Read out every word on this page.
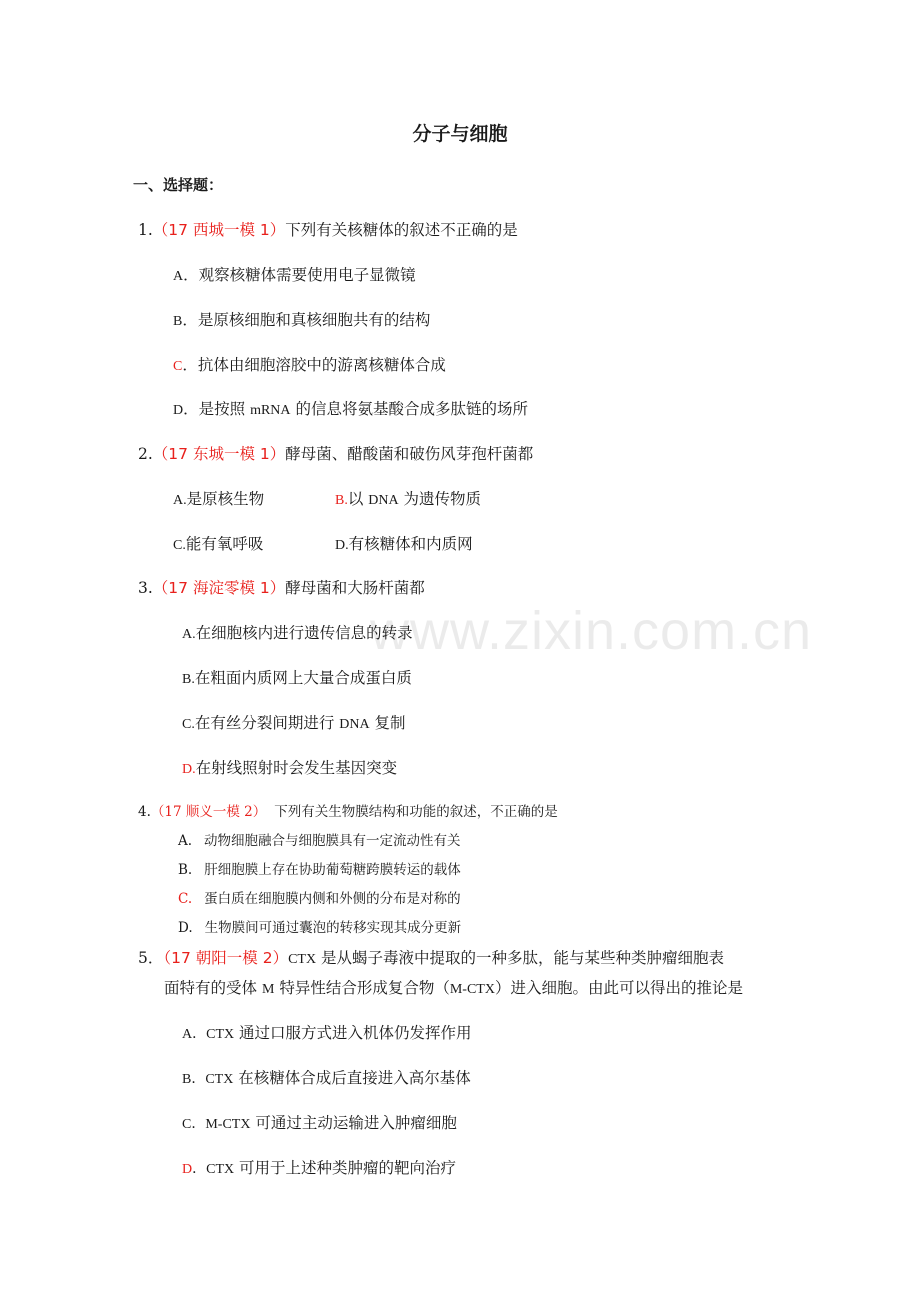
www.zixin.com.cn
分子与细胞
一、选择题：
1.（17 西城一模 1）下列有关核糖体的叙述不正确的是
A．观察核糖体需要使用电子显微镜
B．是原核细胞和真核细胞共有的结构
C．抗体由细胞溶胶中的游离核糖体合成
D．是按照 mRNA 的信息将氨基酸合成多肽链的场所
2.（17 东城一模 1）酵母菌、醋酸菌和破伤风芽孢杆菌都
A.是原核生物	B.以 DNA 为遗传物质
C.能有氧呼吸	D.有核糖体和内质网
3.（17 海淀零模 1）酵母菌和大肠杆菌都
A.在细胞核内进行遗传信息的转录
B.在粗面内质网上大量合成蛋白质
C.在有丝分裂间期进行 DNA 复制
D.在射线照射时会发生基因突变
4.（17 顺义一模 2） 下列有关生物膜结构和功能的叙述，不正确的是
A. 动物细胞融合与细胞膜具有一定流动性有关
B. 肝细胞膜上存在协助葡萄糖跨膜转运的载体
C. 蛋白质在细胞膜内侧和外侧的分布是对称的
D. 生物膜间可通过囊泡的转移实现其成分更新
5．（17 朝阳一模 2）CTX 是从蝎子毒液中提取的一种多肽，能与某些种类肿瘤细胞表
面特有的受体 M 特异性结合形成复合物（M-CTX）进入细胞。由此可以得出的推论是
A．CTX 通过口服方式进入机体仍发挥作用
B．CTX 在核糖体合成后直接进入高尔基体
C．M-CTX 可通过主动运输进入肿瘤细胞
D．CTX 可用于上述种类肿瘤的靶向治疗
